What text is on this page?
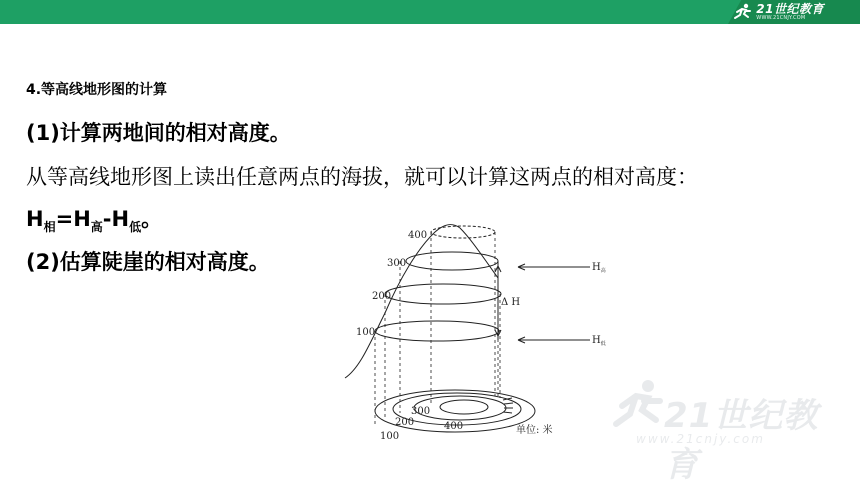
21世纪教育
WWW.21CNJY.COM
4.等高线地形图的计算
(1)计算两地间的相对高度。
从等高线地形图上读出任意两点的海拔，就可以计算这两点的相对高度：
$H_相=H_高-H_低$。
(2)估算陡崖的相对高度。
400
300
200
100
300
200
100
400
Δ H
$H_高$
$H_低$
单位: 米	21世纪教育
www.21cnjy.com
